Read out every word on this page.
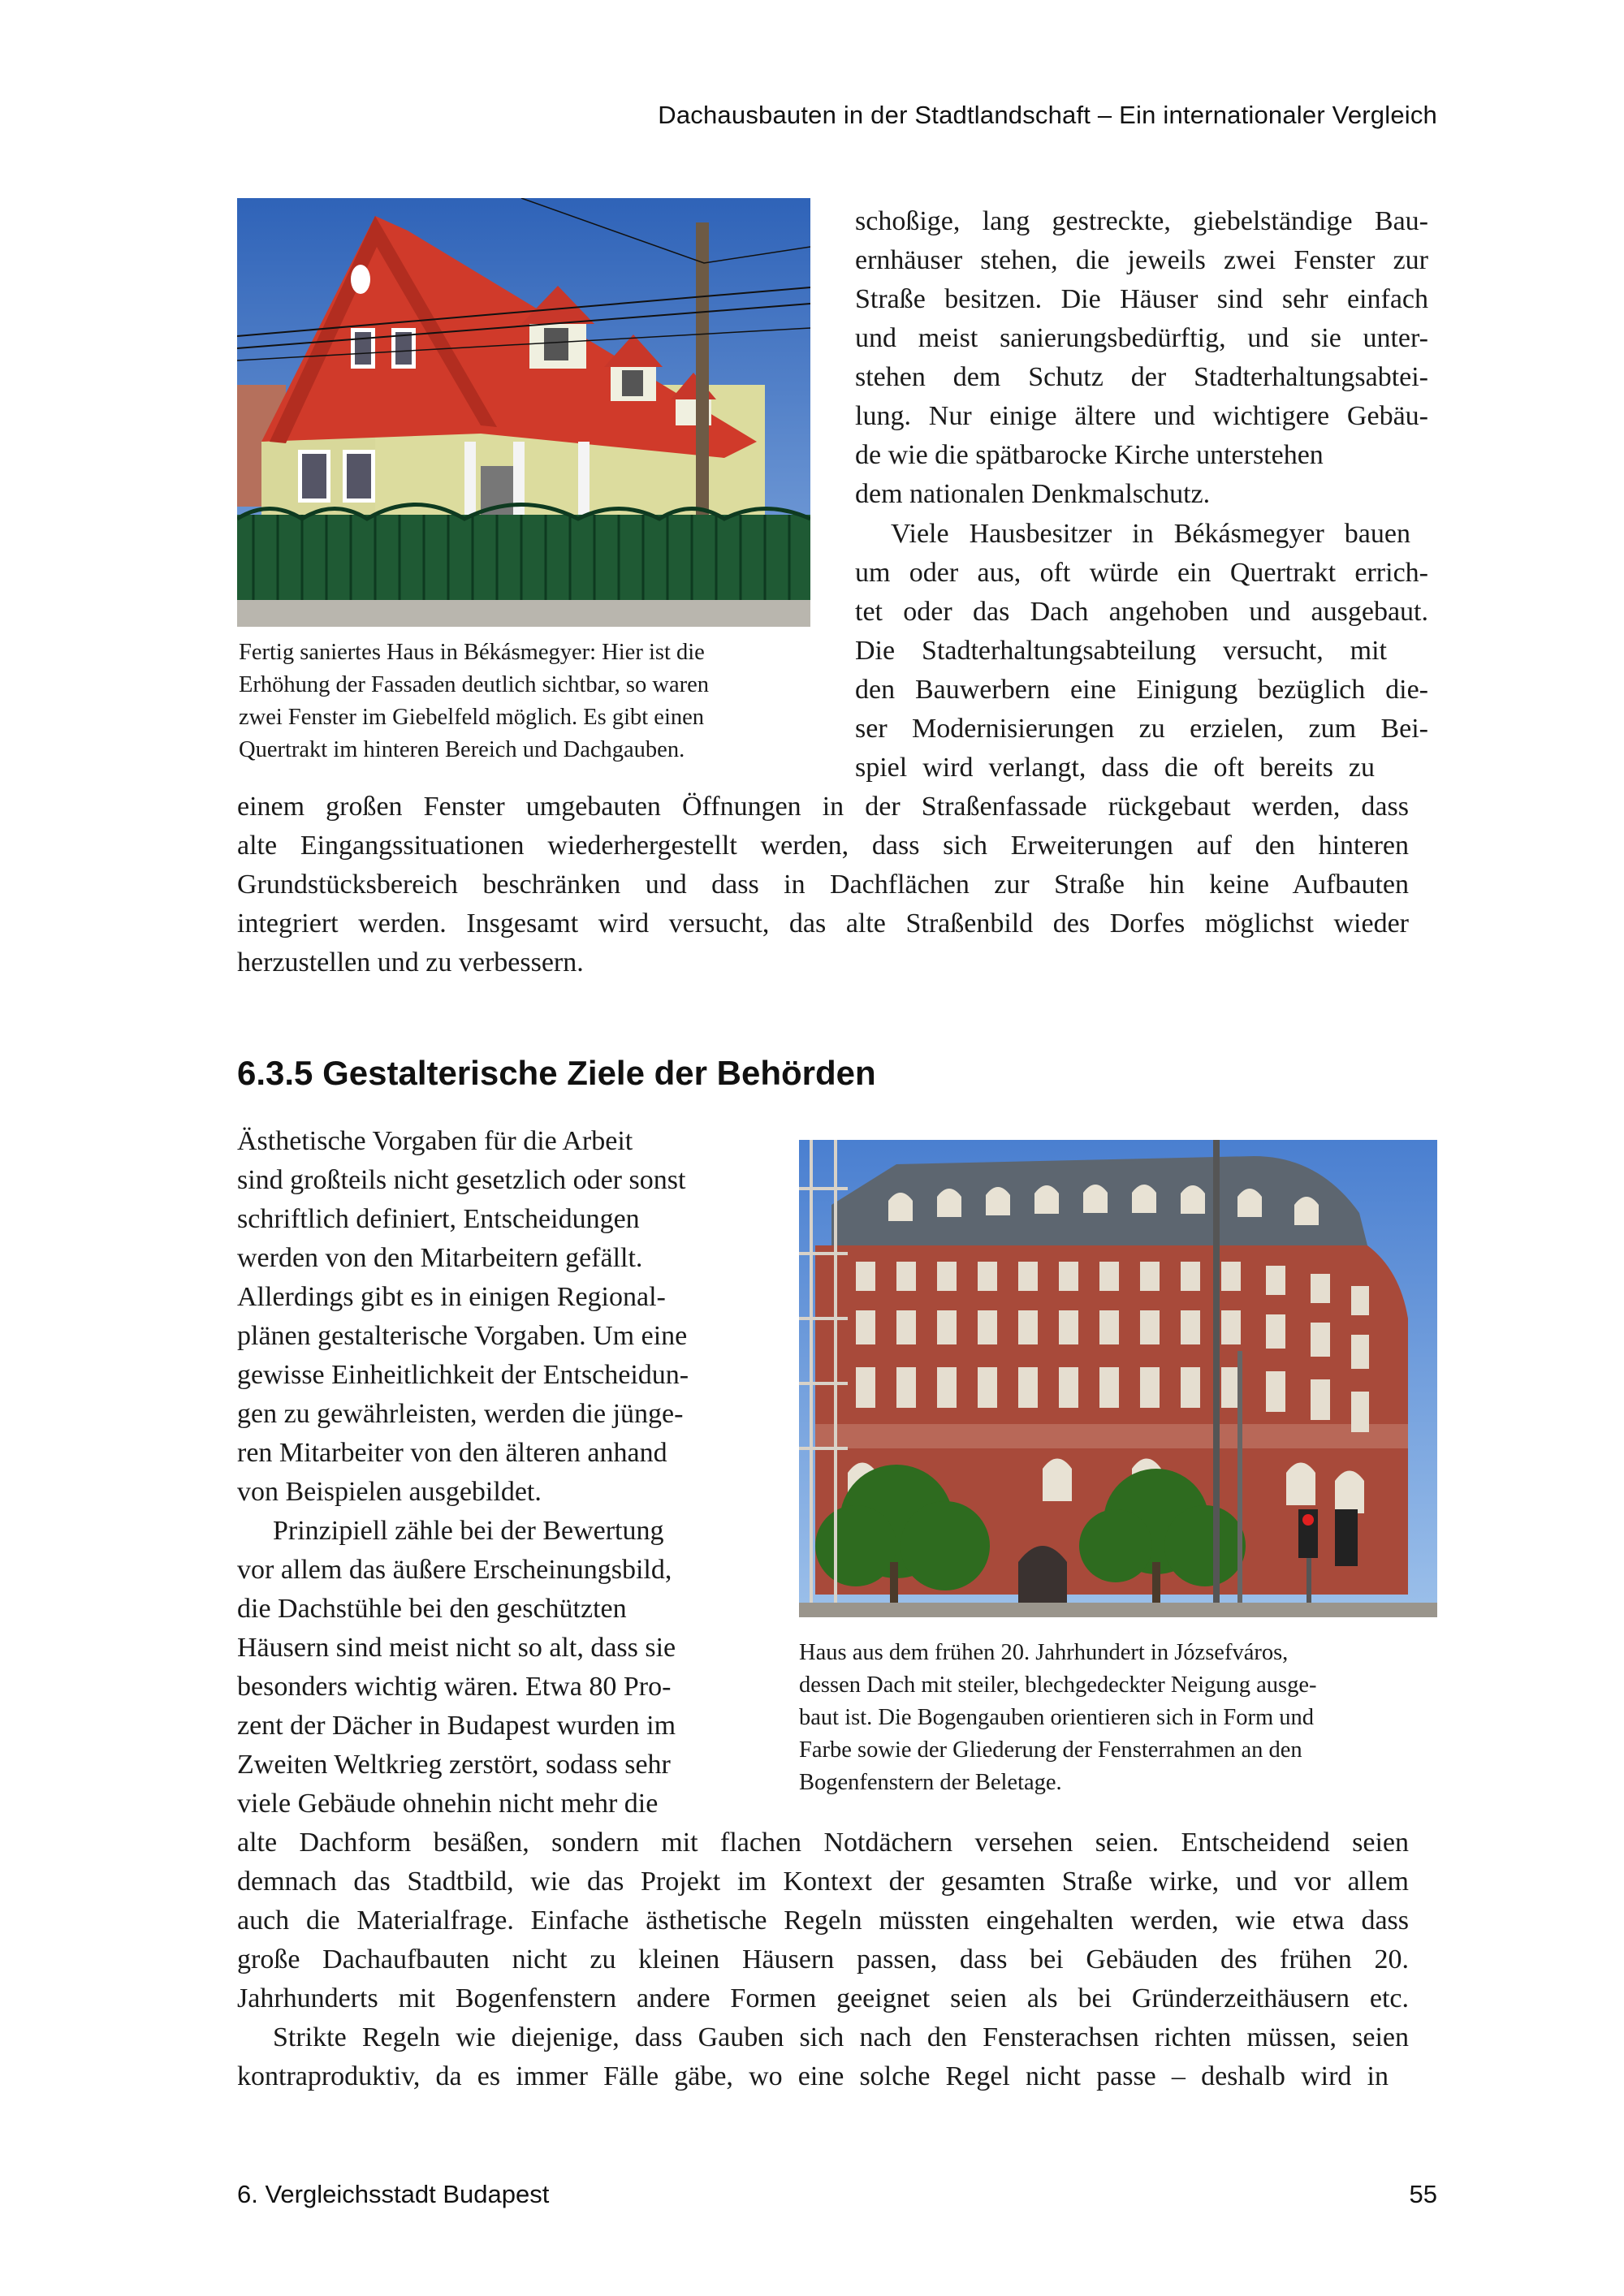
Dachausbauten in der Stadtlandschaft – Ein internationaler Vergleich
Fertig saniertes Haus in Békásmegyer: Hier ist die
Erhöhung der Fassaden deutlich sichtbar, so waren
zwei Fenster im Giebelfeld möglich. Es gibt einen
Quertrakt im hinteren Bereich und Dachgauben.
schoßige, lang gestreckte, giebelständige Bau-
ernhäuser stehen, die jeweils zwei Fenster zur
Straße besitzen. Die Häuser sind sehr einfach
und meist sanierungsbedürftig, und sie unter-
stehen dem Schutz der Stadterhaltungsabtei-
lung. Nur einige ältere und wichtigere Gebäu-
de wie die spätbarocke Kirche unterstehen
dem nationalen Denkmalschutz.
Viele Hausbesitzer in Békásmegyer bauen
um oder aus, oft würde ein Quertrakt errich-
tet oder das Dach angehoben und ausgebaut.
Die Stadterhaltungsabteilung versucht, mit
den Bauwerbern eine Einigung bezüglich die-
ser Modernisierungen zu erzielen, zum Bei-
spiel wird verlangt, dass die oft bereits zu
einem großen Fenster umgebauten Öffnungen in der Straßenfassade rückgebaut werden, dass
alte Eingangssituationen wiederhergestellt werden, dass sich Erweiterungen auf den hinteren
Grundstücksbereich beschränken und dass in Dachflächen zur Straße hin keine Aufbauten
integriert werden. Insgesamt wird versucht, das alte Straßenbild des Dorfes möglichst wieder
herzustellen und zu verbessern.
6.3.5 Gestalterische Ziele der Behörden
Ästhetische Vorgaben für die Arbeit
sind großteils nicht gesetzlich oder sonst
schriftlich definiert, Entscheidungen
werden von den Mitarbeitern gefällt.
Allerdings gibt es in einigen Regional-
plänen gestalterische Vorgaben. Um eine
gewisse Einheitlichkeit der Entscheidun-
gen zu gewährleisten, werden die jünge-
ren Mitarbeiter von den älteren anhand
von Beispielen ausgebildet.
Prinzipiell zähle bei der Bewertung
vor allem das äußere Erscheinungsbild,
die Dachstühle bei den geschützten
Häusern sind meist nicht so alt, dass sie
besonders wichtig wären. Etwa 80 Pro-
zent der Dächer in Budapest wurden im
Zweiten Weltkrieg zerstört, sodass sehr
viele Gebäude ohnehin nicht mehr die
Haus aus dem frühen 20. Jahrhundert in Józsefváros,
dessen Dach mit steiler, blechgedeckter Neigung ausge-
baut ist. Die Bogengauben orientieren sich in Form und
Farbe sowie der Gliederung der Fensterrahmen an den
Bogenfenstern der Beletage.
alte Dachform besäßen, sondern mit flachen Notdächern versehen seien. Entscheidend seien
demnach das Stadtbild, wie das Projekt im Kontext der gesamten Straße wirke, und vor allem
auch die Materialfrage. Einfache ästhetische Regeln müssten eingehalten werden, wie etwa dass
große Dachaufbauten nicht zu kleinen Häusern passen, dass bei Gebäuden des frühen 20.
Jahrhunderts mit Bogenfenstern andere Formen geeignet seien als bei Gründerzeithäusern etc.
Strikte Regeln wie diejenige, dass Gauben sich nach den Fensterachsen richten müssen, seien
kontraproduktiv, da es immer Fälle gäbe, wo eine solche Regel nicht passe – deshalb wird in
6. Vergleichsstadt Budapest	55
